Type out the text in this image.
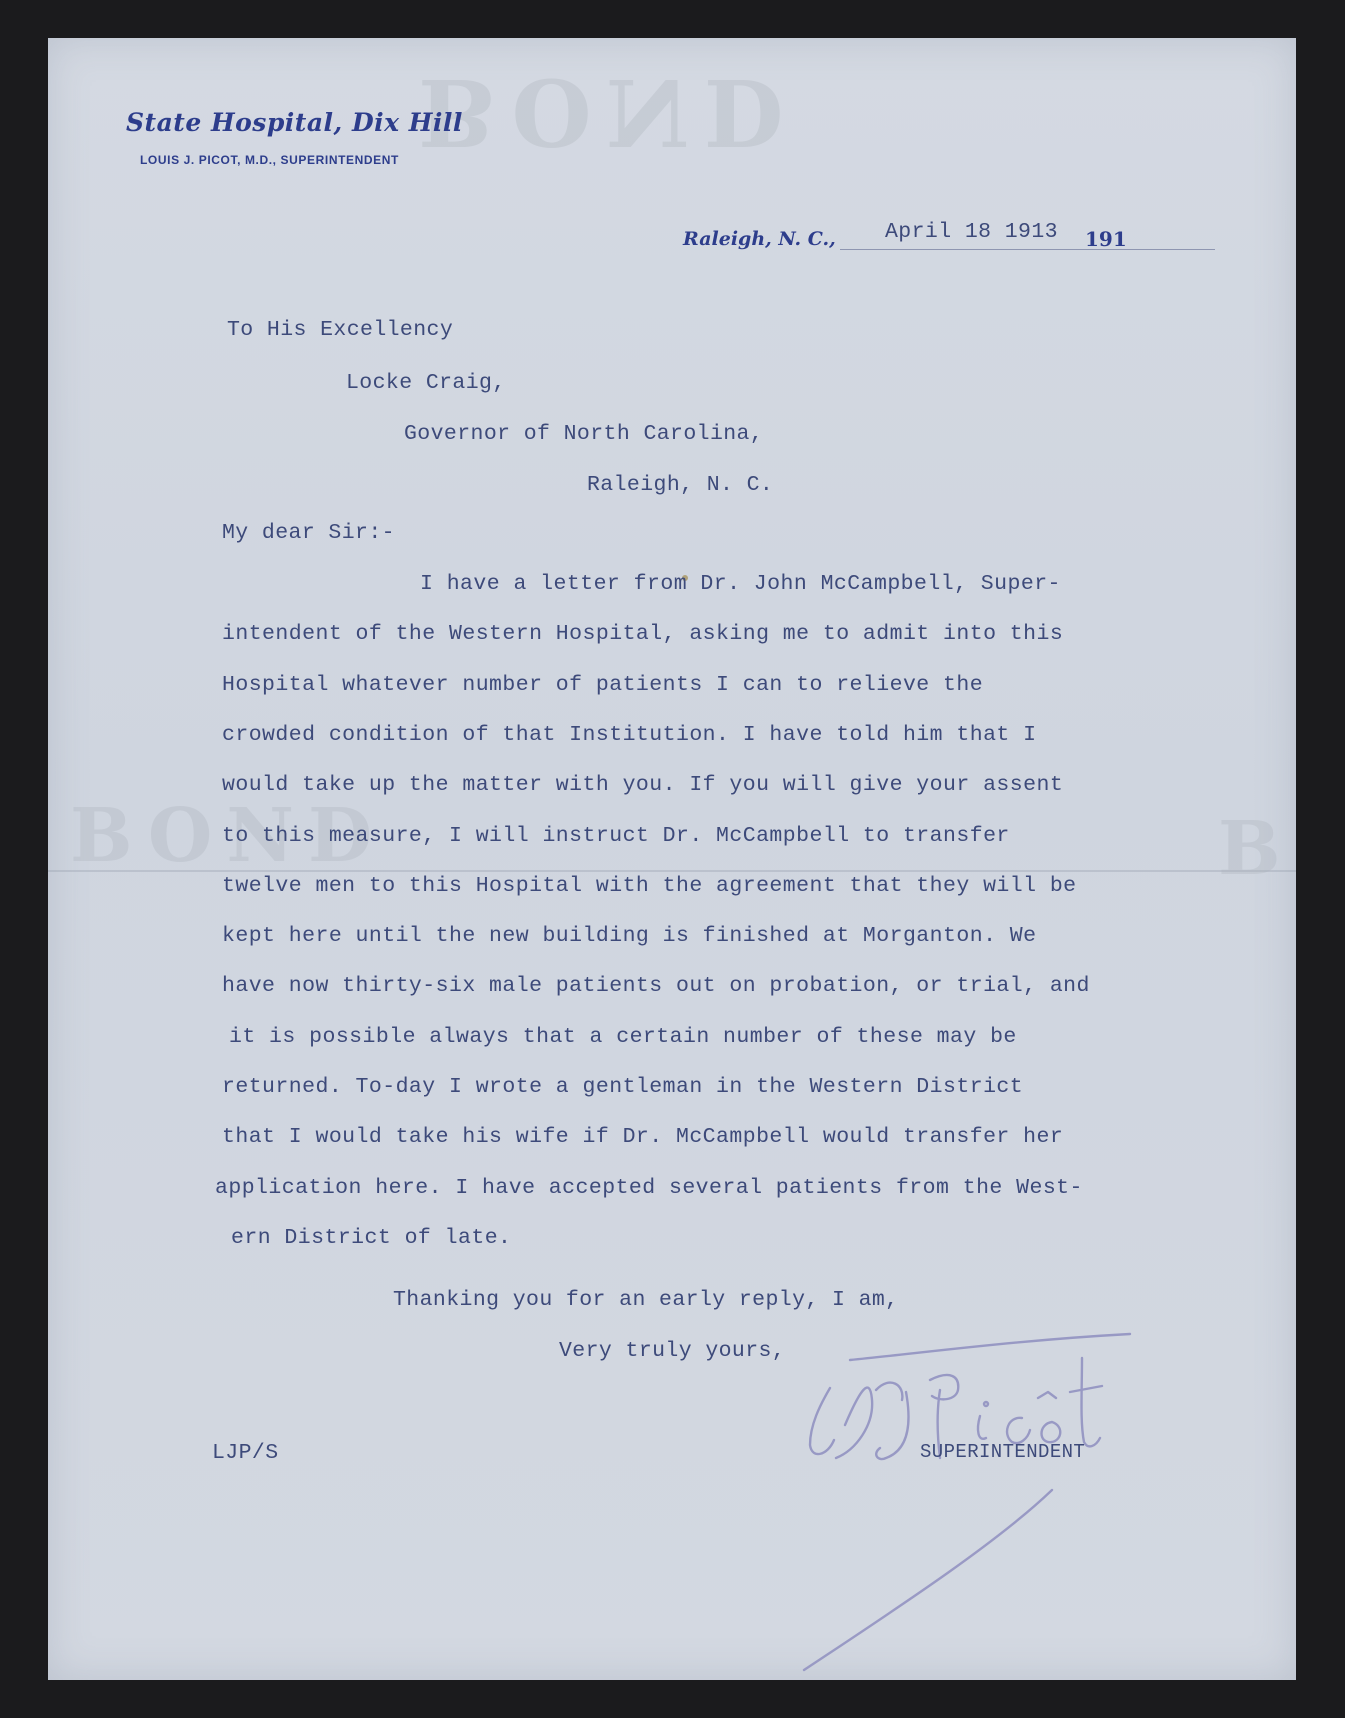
BOND
BOND	B
State Hospital, Dix Hill
LOUIS J. PICOT, M.D., SUPERINTENDENT
Raleigh, N. C.,	191
April 18 1913
To His Excellency
Locke Craig,
Governor of North Carolina,
Raleigh, N. C.
My dear Sir:-
I have a letter from Dr. John McCampbell, Super-
intendent of the Western Hospital, asking me to admit into this
Hospital whatever number of patients I can to relieve the
crowded condition of that Institution. I have told him that I
would take up the matter with you. If you will give your assent
to this measure, I will instruct Dr. McCampbell to transfer
twelve men to this Hospital with the agreement that they will be
kept here until the new building is finished at Morganton. We
have now thirty-six male patients out on probation, or trial, and
it is possible always that a certain number of these may be
returned. To-day I wrote a gentleman in the Western District
that I would take his wife if Dr. McCampbell would transfer her
application here. I have accepted several patients from the West-
ern District of late.
Thanking you for an early reply, I am,
Very truly yours,
LJP/S	SUPERINTENDENT
